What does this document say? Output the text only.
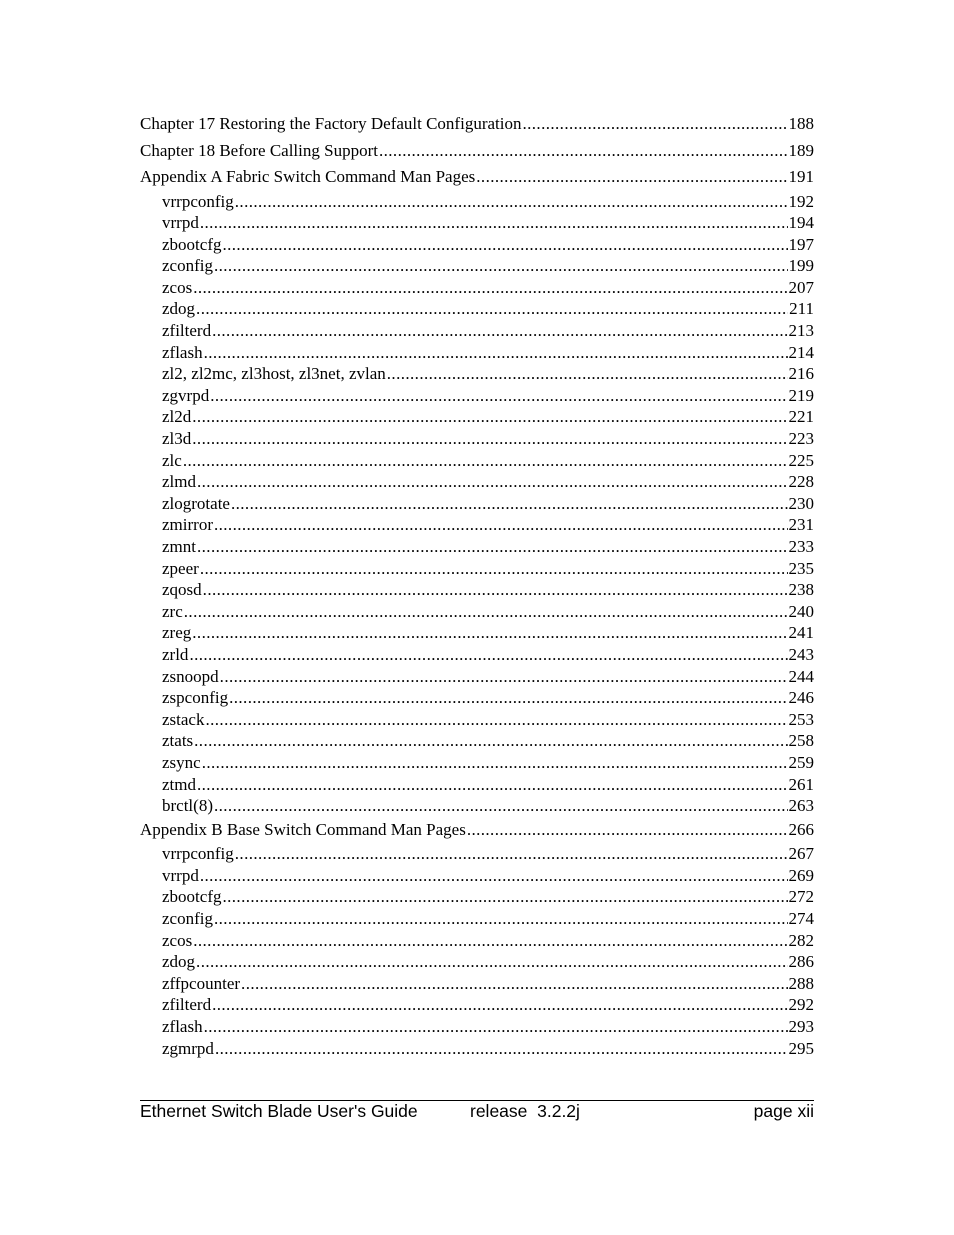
Chapter 17 Restoring the Factory Default Configuration .....	188
Chapter 18 Before Calling Support .....	189
Appendix A Fabric Switch Command Man Pages .....	191
vrrpconfig .....	192
vrrpd .....	194
zbootcfg .....	197
zconfig .....	199
zcos .....	207
zdog .....	211
zfilterd .....	213
zflash .....	214
zl2, zl2mc, zl3host, zl3net, zvlan .....	216
zgvrpd .....	219
zl2d .....	221
zl3d .....	223
zlc .....	225
zlmd .....	228
zlogrotate .....	230
zmirror .....	231
zmnt .....	233
zpeer .....	235
zqosd .....	238
zrc .....	240
zreg .....	241
zrld .....	243
zsnoopd .....	244
zspconfig .....	246
zstack .....	253
ztats .....	258
zsync .....	259
ztmd .....	261
brctl(8) .....	263
Appendix B Base Switch Command Man Pages .....	266
vrrpconfig .....	267
vrrpd .....	269
zbootcfg .....	272
zconfig .....	274
zcos .....	282
zdog .....	286
zffpcounter .....	288
zfilterd .....	292
zflash .....	293
zgmrpd .....	295
Ethernet Switch Blade User's Guide	release  3.2.2j	page xii
